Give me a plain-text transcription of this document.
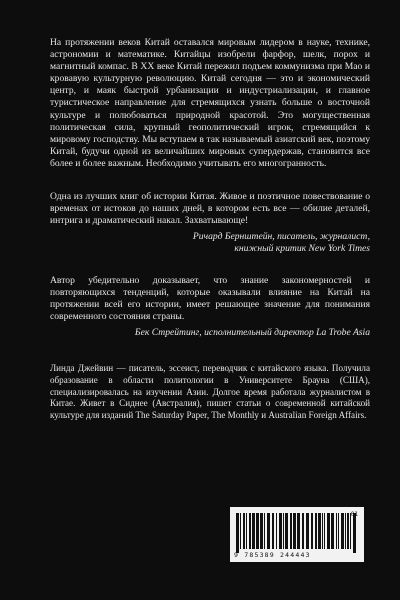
На протяжении веков Китай оставался мировым лидером в науке, технике, астрономии и математике. Китайцы изобрели фарфор, шелк, порох и магнитный компас. В XX веке Китай пережил подъем коммунизма при Мао и кровавую культурную революцию. Китай сегодня — это и экономический центр, и маяк быстрой урбанизации и индустриализации, и главное туристическое направление для стремящихся узнать больше о восточной культуре и полюбоваться природной красотой. Это могущественная политическая сила, крупный геополитический игрок, стремящийся к мировому господству. Мы вступаем в так называемый азиатский век, поэтому Китай, будучи одной из величайших мировых супердержав, становится все более и более важным. Необходимо учитывать его многогранность.

Одна из лучших книг об истории Китая. Живое и поэтичное повествование о временах от истоков до наших дней, в котором есть все — обилие деталей, интрига и драматический накал. Захватывающе!

Ричард Бернштейн, писатель, журналист,
книжный критик New York Times

Автор убедительно доказывает, что знание закономерностей и повторяющихся тенденций, которые оказывали влияние на Китай на протяжении всей его истории, имеет решающее значение для понимания современного состояния страны.

Бек Стрейтинг, исполнительный директор La Trobe Asia

Линда Джейвин — писатель, эссеист, переводчик с китайского языка. Получила образование в области политологии в Университете Брауна (США), специализировалась на изучении Азии. Долгое время работала журналистом в Китае. Живет в Сиднее (Австралия), пишет статьи о современной китайской культуре для изданий The Saturday Paper, The Monthly и Australian Foreign Affairs.

01
9 785389 244443
